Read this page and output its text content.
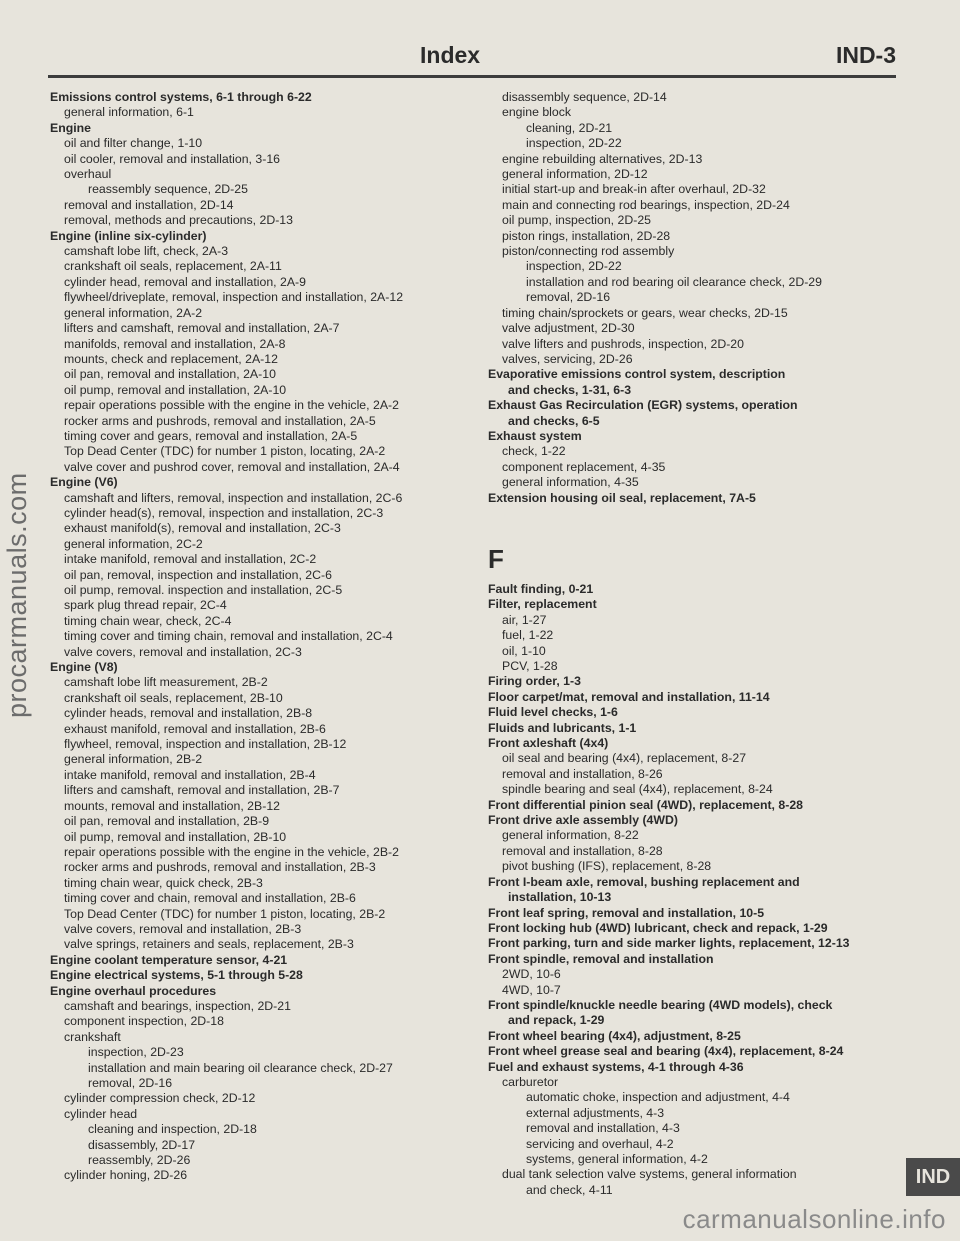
Index	IND-3
Emissions control systems, 6-1 through 6-22
general information, 6-1
Engine
oil and filter change, 1-10
oil cooler, removal and installation, 3-16
overhaul
reassembly sequence, 2D-25
removal and installation, 2D-14
removal, methods and precautions, 2D-13
Engine (inline six-cylinder)
camshaft lobe lift, check, 2A-3
crankshaft oil seals, replacement, 2A-11
cylinder head, removal and installation, 2A-9
flywheel/driveplate, removal, inspection and installation, 2A-12
general information, 2A-2
lifters and camshaft, removal and installation, 2A-7
manifolds, removal and installation, 2A-8
mounts, check and replacement, 2A-12
oil pan, removal and installation, 2A-10
oil pump, removal and installation, 2A-10
repair operations possible with the engine in the vehicle, 2A-2
rocker arms and pushrods, removal and installation, 2A-5
timing cover and gears, removal and installation, 2A-5
Top Dead Center (TDC) for number 1 piston, locating, 2A-2
valve cover and pushrod cover, removal and installation, 2A-4
Engine (V6)
camshaft and lifters, removal, inspection and installation, 2C-6
cylinder head(s), removal, inspection and installation, 2C-3
exhaust manifold(s), removal and installation, 2C-3
general information, 2C-2
intake manifold, removal and installation, 2C-2
oil pan, removal, inspection and installation, 2C-6
oil pump, removal. inspection and installation, 2C-5
spark plug thread repair, 2C-4
timing chain wear, check, 2C-4
timing cover and timing chain, removal and installation, 2C-4
valve covers, removal and installation, 2C-3
Engine (V8)
camshaft lobe lift measurement, 2B-2
crankshaft oil seals, replacement, 2B-10
cylinder heads, removal and installation, 2B-8
exhaust manifold, removal and installation, 2B-6
flywheel, removal, inspection and installation, 2B-12
general information, 2B-2
intake manifold, removal and installation, 2B-4
lifters and camshaft, removal and installation, 2B-7
mounts, removal and installation, 2B-12
oil pan, removal and installation, 2B-9
oil pump, removal and installation, 2B-10
repair operations possible with the engine in the vehicle, 2B-2
rocker arms and pushrods, removal and installation, 2B-3
timing chain wear, quick check, 2B-3
timing cover and chain, removal and installation, 2B-6
Top Dead Center (TDC) for number 1 piston, locating, 2B-2
valve covers, removal and installation, 2B-3
valve springs, retainers and seals, replacement, 2B-3
Engine coolant temperature sensor, 4-21
Engine electrical systems, 5-1 through 5-28
Engine overhaul procedures
camshaft and bearings, inspection, 2D-21
component inspection, 2D-18
crankshaft
inspection, 2D-23
installation and main bearing oil clearance check, 2D-27
removal, 2D-16
cylinder compression check, 2D-12
cylinder head
cleaning and inspection, 2D-18
disassembly, 2D-17
reassembly, 2D-26
cylinder honing, 2D-26
disassembly sequence, 2D-14
engine block
cleaning, 2D-21
inspection, 2D-22
engine rebuilding alternatives, 2D-13
general information, 2D-12
initial start-up and break-in after overhaul, 2D-32
main and connecting rod bearings, inspection, 2D-24
oil pump, inspection, 2D-25
piston rings, installation, 2D-28
piston/connecting rod assembly
inspection, 2D-22
installation and rod bearing oil clearance check, 2D-29
removal, 2D-16
timing chain/sprockets or gears, wear checks, 2D-15
valve adjustment, 2D-30
valve lifters and pushrods, inspection, 2D-20
valves, servicing, 2D-26
Evaporative emissions control system, description
and checks, 1-31, 6-3
Exhaust Gas Recirculation (EGR) systems, operation
and checks, 6-5
Exhaust system
check, 1-22
component replacement, 4-35
general information, 4-35
Extension housing oil seal, replacement, 7A-5
F
Fault finding, 0-21
Filter, replacement
air, 1-27
fuel, 1-22
oil, 1-10
PCV, 1-28
Firing order, 1-3
Floor carpet/mat, removal and installation, 11-14
Fluid level checks, 1-6
Fluids and lubricants, 1-1
Front axleshaft (4x4)
oil seal and bearing (4x4), replacement, 8-27
removal and installation, 8-26
spindle bearing and seal (4x4), replacement, 8-24
Front differential pinion seal (4WD), replacement, 8-28
Front drive axle assembly (4WD)
general information, 8-22
removal and installation, 8-28
pivot bushing (IFS), replacement, 8-28
Front I-beam axle, removal, bushing replacement and
installation, 10-13
Front leaf spring, removal and installation, 10-5
Front locking hub (4WD) lubricant, check and repack, 1-29
Front parking, turn and side marker lights, replacement, 12-13
Front spindle, removal and installation
2WD, 10-6
4WD, 10-7
Front spindle/knuckle needle bearing (4WD models), check
and repack, 1-29
Front wheel bearing (4x4), adjustment, 8-25
Front wheel grease seal and bearing (4x4), replacement, 8-24
Fuel and exhaust systems, 4-1 through 4-36
carburetor
automatic choke, inspection and adjustment, 4-4
external adjustments, 4-3
removal and installation, 4-3
servicing and overhaul, 4-2
systems, general information, 4-2
dual tank selection valve systems, general information
and check, 4-11
procarmanuals.com
carmanualsonline.info
IND
